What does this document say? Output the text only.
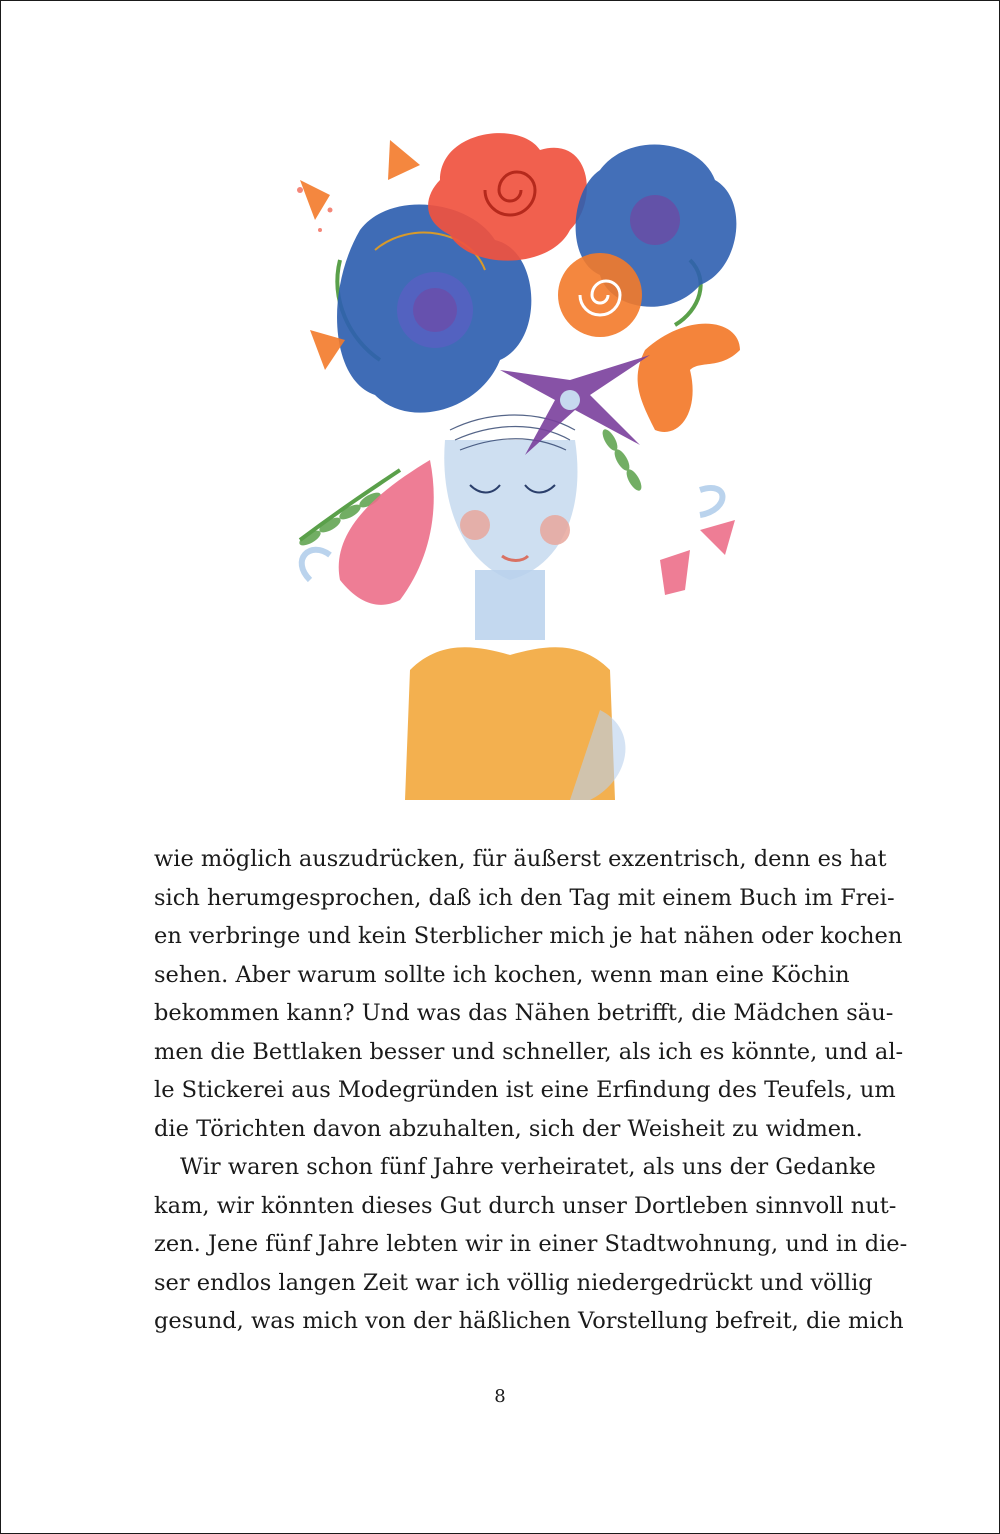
wie möglich auszudrücken, für äußerst exzentrisch, denn es hat
sich herumgesprochen, daß ich den Tag mit einem Buch im Frei-
en verbringe und kein Sterblicher mich je hat nähen oder kochen
sehen. Aber warum sollte ich kochen, wenn man eine Köchin
bekommen kann? Und was das Nähen betrifft, die Mädchen säu-
men die Bettlaken besser und schneller, als ich es könnte, und al-
le Stickerei aus Modegründen ist eine Erfindung des Teufels, um
die Törichten davon abzuhalten, sich der Weisheit zu widmen.
Wir waren schon fünf Jahre verheiratet, als uns der Gedanke
kam, wir könnten dieses Gut durch unser Dortleben sinnvoll nut-
zen. Jene fünf Jahre lebten wir in einer Stadtwohnung, und in die-
ser endlos langen Zeit war ich völlig niedergedrückt und völlig
gesund, was mich von der häßlichen Vorstellung befreit, die mich
8
